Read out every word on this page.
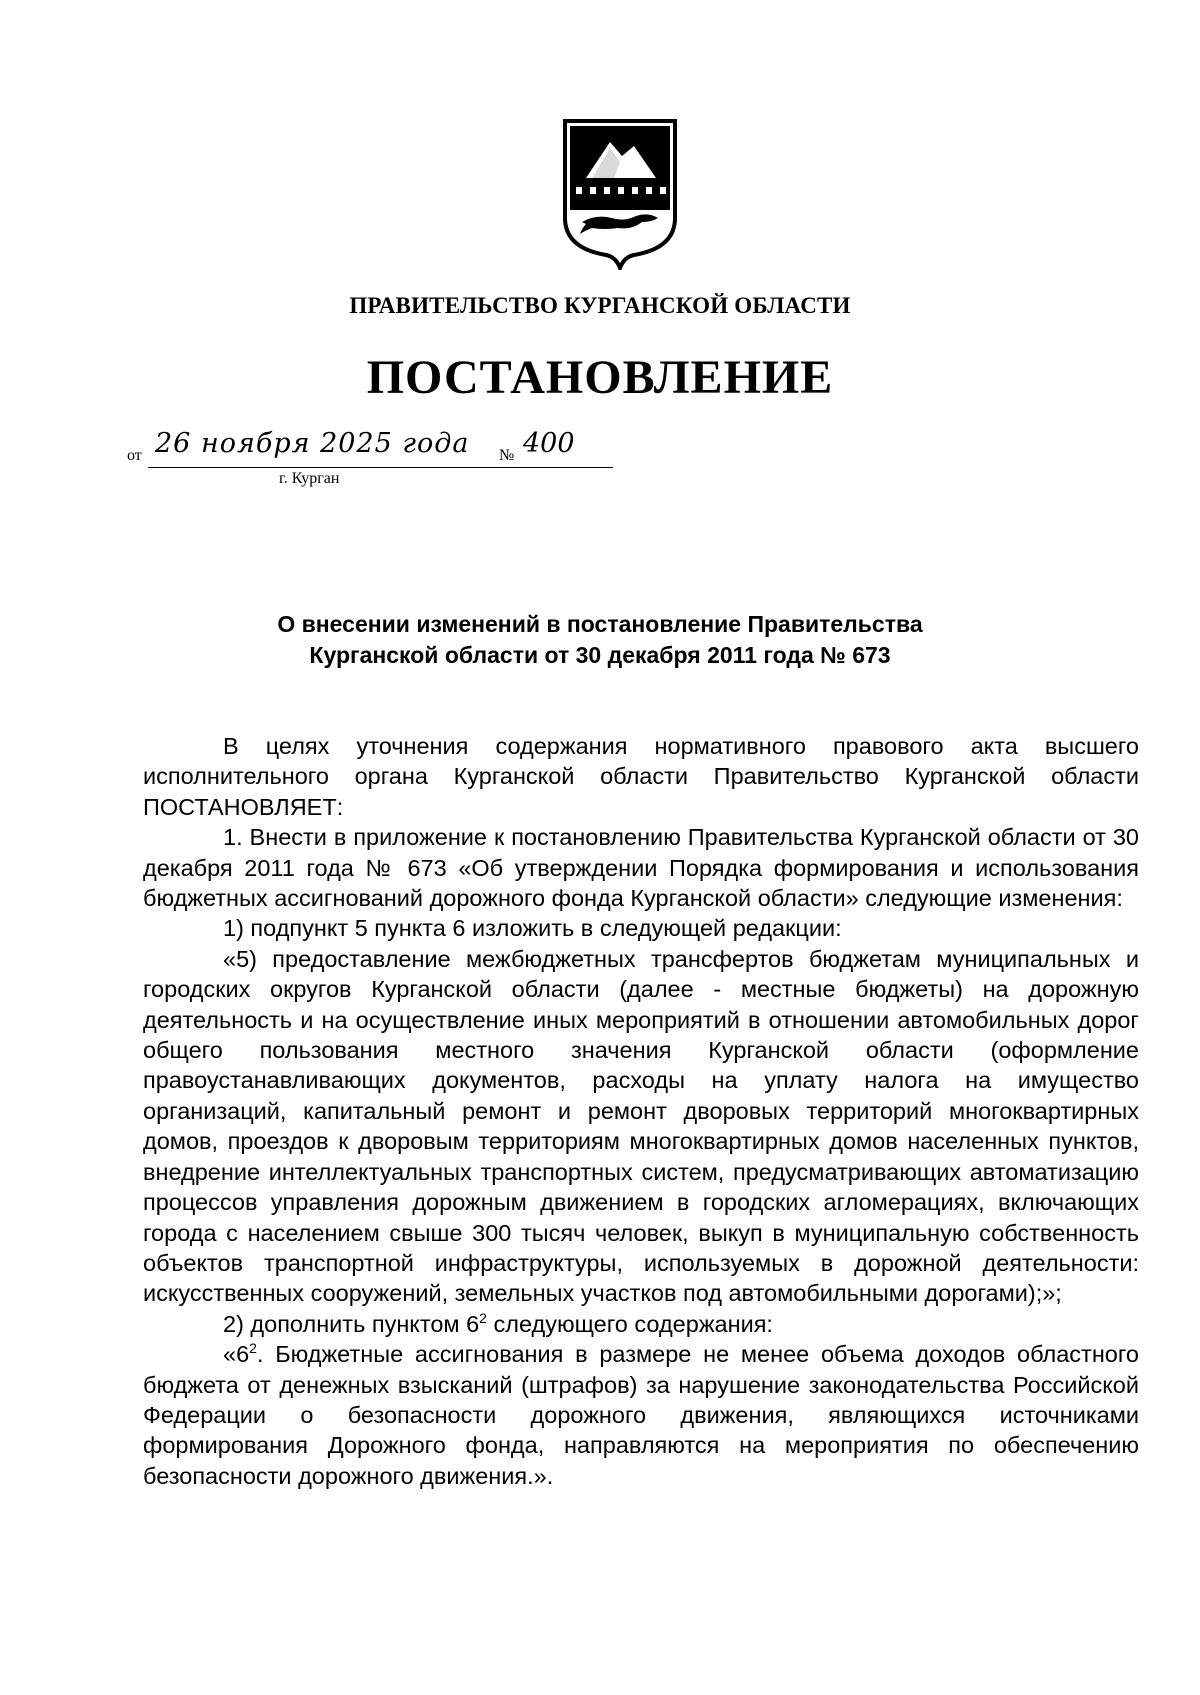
ПРАВИТЕЛЬСТВО КУРГАНСКОЙ ОБЛАСТИ
ПОСТАНОВЛЕНИЕ
от 26 ноября 2025 года № 400
г. Курган
О внесении изменений в постановление Правительства
Курганской области от 30 декабря 2011 года № 673

В целях уточнения содержания нормативного правового акта высшего исполнительного органа Курганской области Правительство Курганской области ПОСТАНОВЛЯЕТ:

1. Внести в приложение к постановлению Правительства Курганской области от 30 декабря 2011 года № 673 «Об утверждении Порядка формирования и использования бюджетных ассигнований дорожного фонда Курганской области» следующие изменения:

1) подпункт 5 пункта 6 изложить в следующей редакции:

«5) предоставление межбюджетных трансфертов бюджетам муниципальных и городских округов Курганской области (далее - местные бюджеты) на дорожную деятельность и на осуществление иных мероприятий в отношении автомобильных дорог общего пользования местного значения Курганской области (оформление правоустанавливающих документов, расходы на уплату налога на имущество организаций, капитальный ремонт и ремонт дворовых территорий многоквартирных домов, проездов к дворовым территориям многоквартирных домов населенных пунктов, внедрение интеллектуальных транспортных систем, предусматривающих автоматизацию процессов управления дорожным движением в городских агломерациях, включающих города с населением свыше 300 тысяч человек, выкуп в муниципальную собственность объектов транспортной инфраструктуры, используемых в дорожной деятельности: искусственных сооружений, земельных участков под автомобильными дорогами);»;

2) дополнить пунктом $6^2$ следующего содержания:

«$6^2$. Бюджетные ассигнования в размере не менее объема доходов областного бюджета от денежных взысканий (штрафов) за нарушение законодательства Российской Федерации о безопасности дорожного движения, являющихся источниками формирования Дорожного фонда, направляются на мероприятия по обеспечению безопасности дорожного движения.».
